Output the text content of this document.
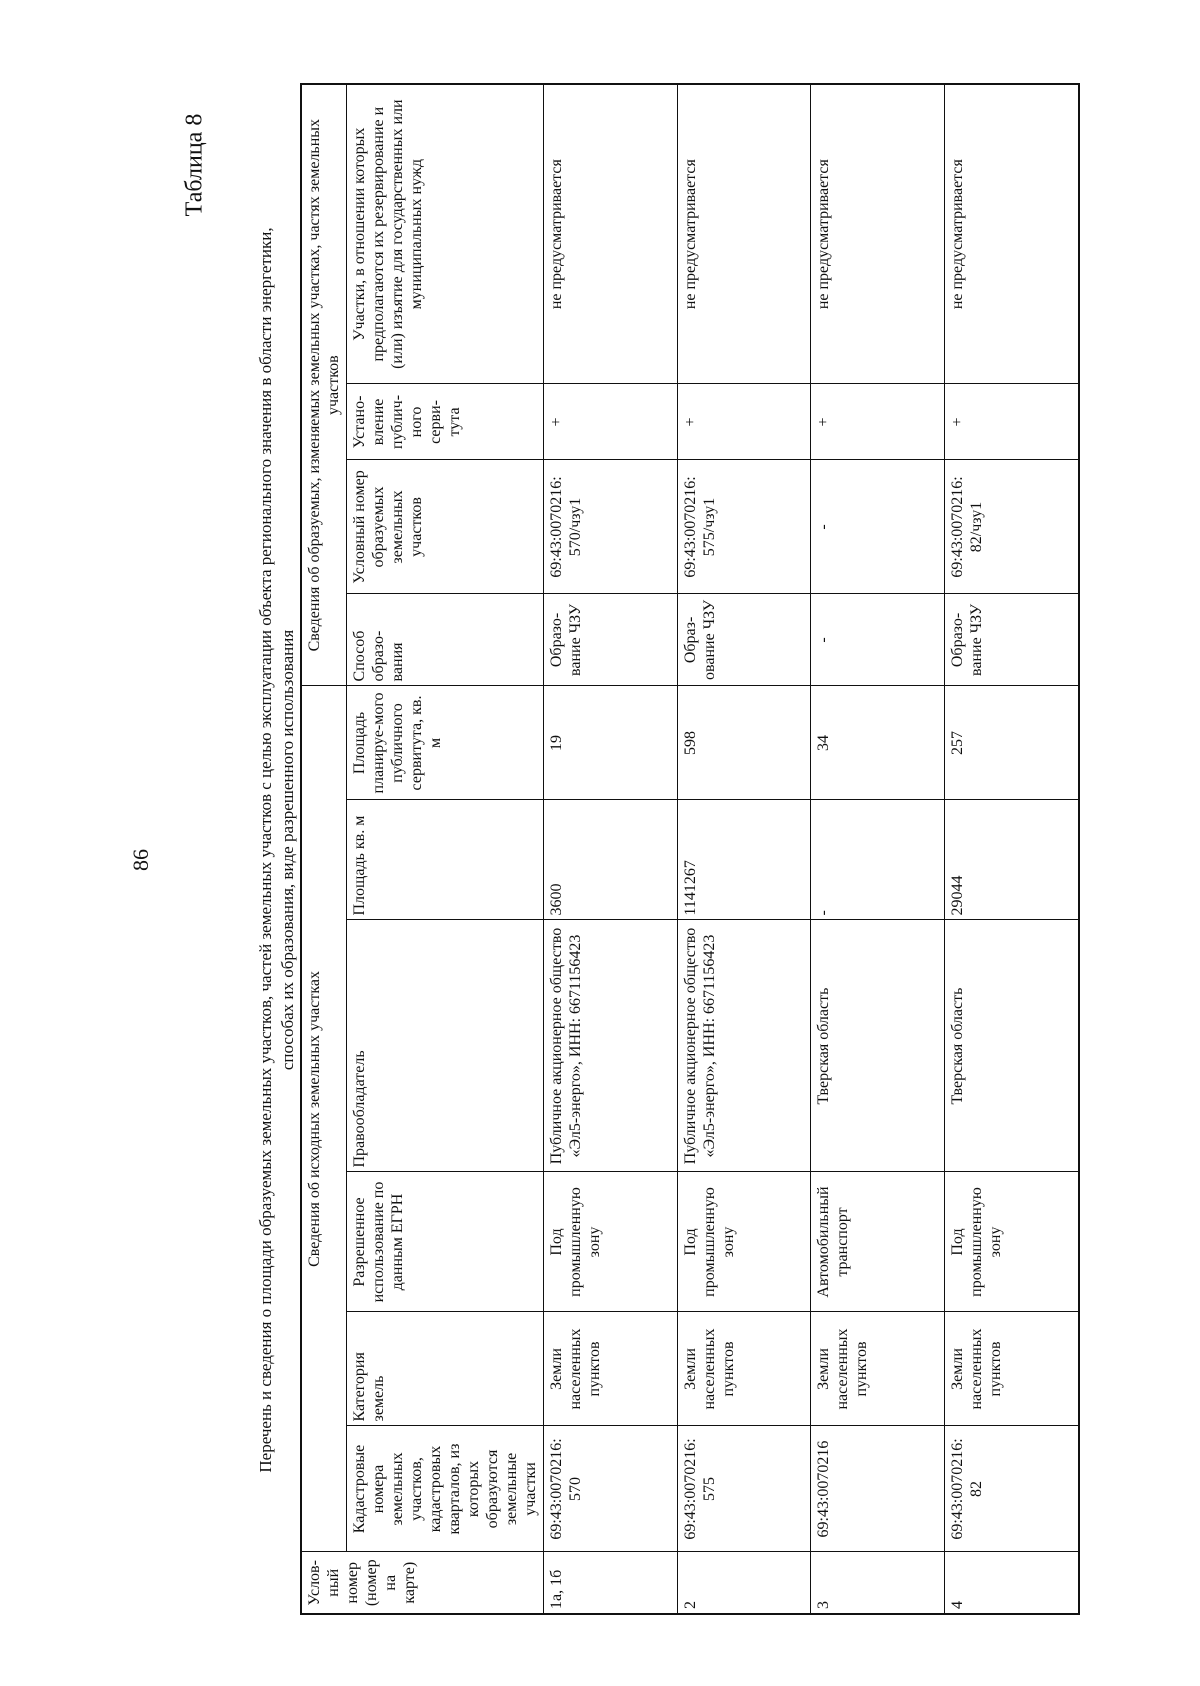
86
Таблица 8
Перечень и сведения о площади образуемых земельных участков, частей земельных участков с целью эксплуатации объекта регионального значения в области энергетики, способах их образования, виде разрешенного использования
Услов-ный номер (номер на карте)	Сведения об исходных земельных участках						Сведения об образуемых, изменяемых земельных участках, частях земельных участков			
	Кадастровые номера земельных участков, кадастровых кварталов, из которых образуются земельные участки	Категория земель	Разрешенное использование по данным ЕГРН	Правообладатель	Площадь кв. м	Площадь планируе-мого публичного сервитута, кв. м	Способ образо-вания	Условный номер образуемых земельных участков	Устано-вление публич-ного серви-тута	Участки, в отношении которых предполагаются их резервирование и (или) изъятие для государственных или муниципальных нужд
1а, 1б	69:43:0070216: 570	Земли населенных пунктов	Под промышленную зону	Публичное акционерное общество «Эл5-энерго», ИНН: 6671156423	3600	19	Образо-вание ЧЗУ	69:43:0070216: 570/чзу1	+	не предусматривается
2	69:43:0070216: 575	Земли населенных пунктов	Под промышленную зону	Публичное акционерное общество «Эл5-энерго», ИНН: 6671156423	1141267	598	Образ-ование ЧЗУ	69:43:0070216: 575/чзу1	+	не предусматривается
3	69:43:0070216	Земли населенных пунктов	Автомобильный транспорт	Тверская область	-	34	-	-	+	не предусматривается
4	69:43:0070216: 82	Земли населенных пунктов	Под промышленную зону	Тверская область	29044	257	Образо-вание ЧЗУ	69:43:0070216: 82/чзу1	+	не предусматривается
